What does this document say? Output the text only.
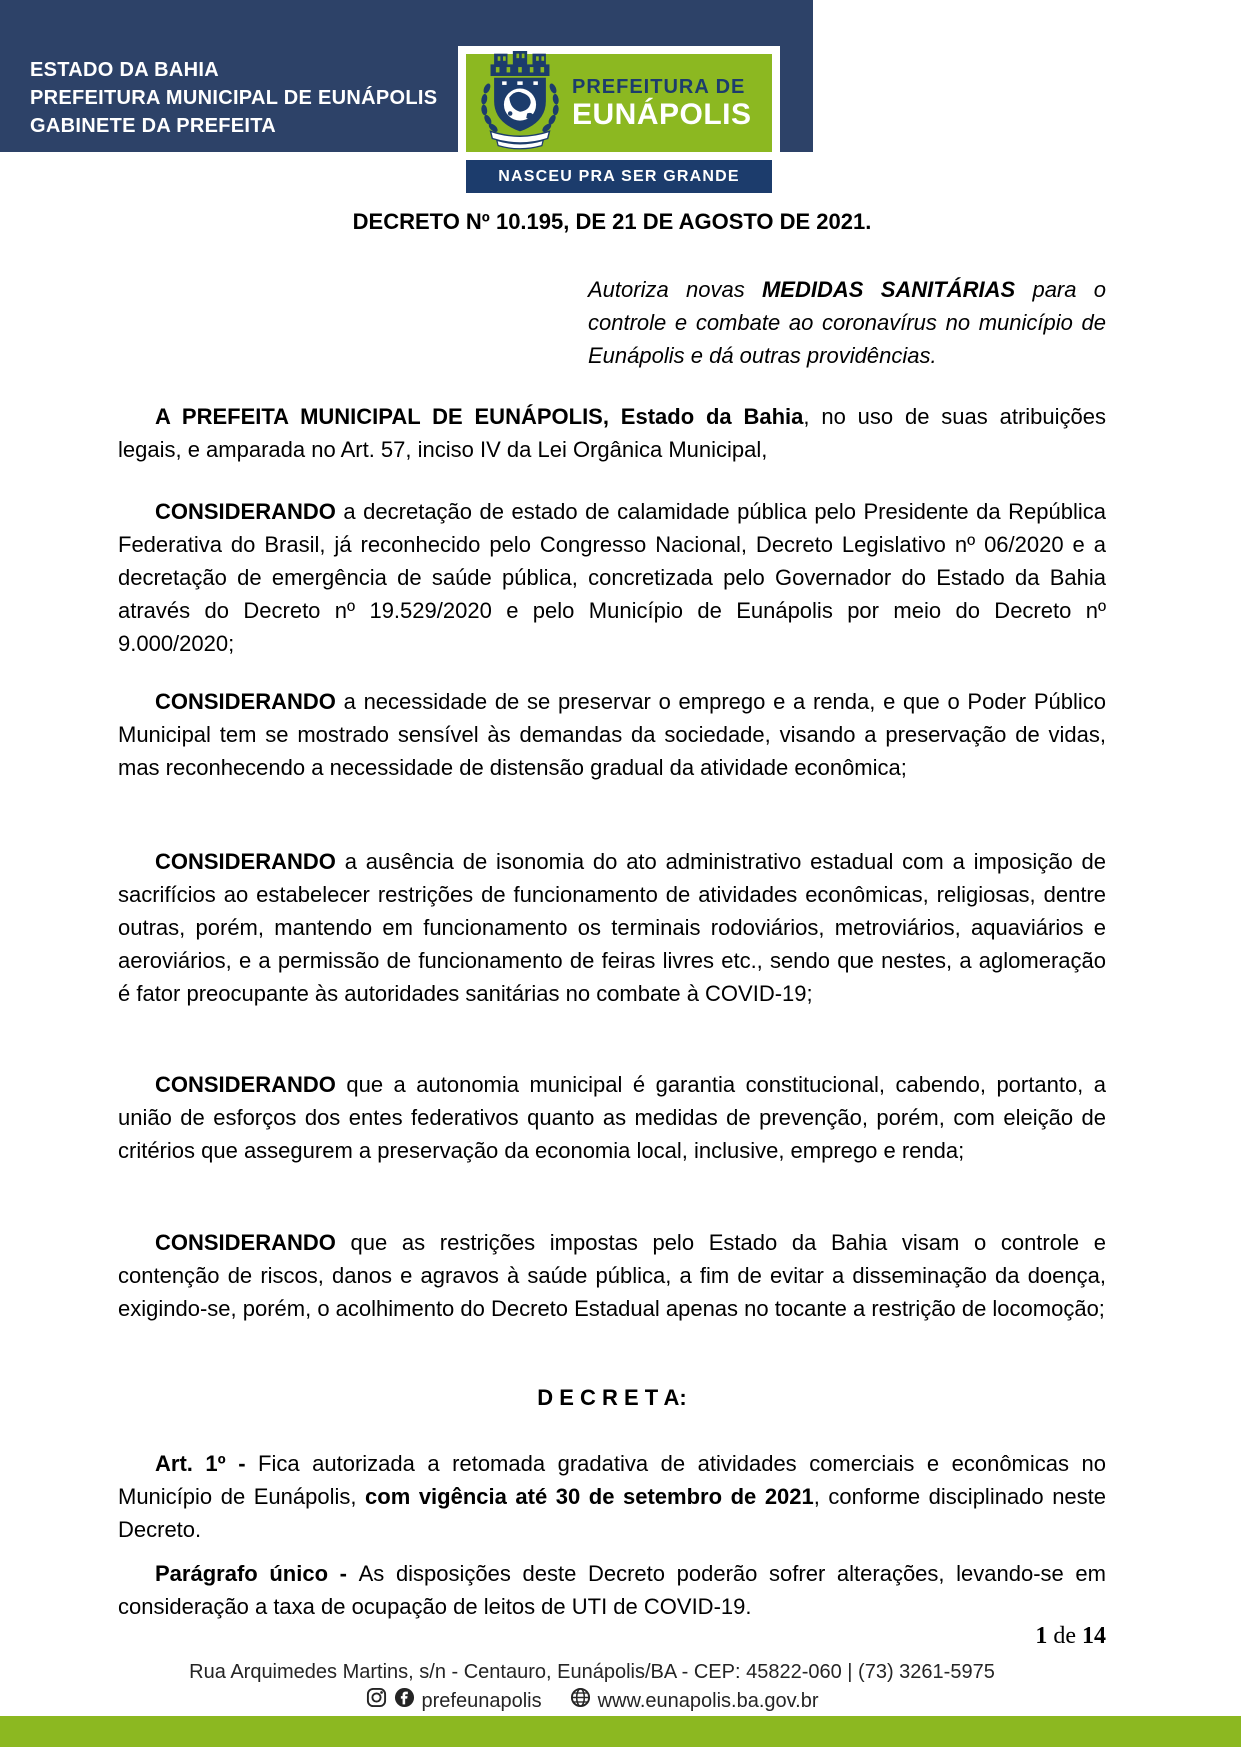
ESTADO DA BAHIA
PREFEITURA MUNICIPAL DE EUNÁPOLIS
GABINETE DA PREFEITA
PREFEITURA DE
EUNÁPOLIS
NASCEU PRA SER GRANDE
DECRETO Nº 10.195, DE 21 DE AGOSTO DE 2021.

Autoriza novas MEDIDAS SANITÁRIAS para o controle e combate ao coronavírus no município de Eunápolis e dá outras providências.

A PREFEITA MUNICIPAL DE EUNÁPOLIS, Estado da Bahia, no uso de suas atribuições legais, e amparada no Art. 57, inciso IV da Lei Orgânica Municipal,

CONSIDERANDO a decretação de estado de calamidade pública pelo Presidente da República Federativa do Brasil, já reconhecido pelo Congresso Nacional, Decreto Legislativo nº 06/2020 e a decretação de emergência de saúde pública, concretizada pelo Governador do Estado da Bahia através do Decreto nº 19.529/2020 e pelo Município de Eunápolis por meio do Decreto nº 9.000/2020;

CONSIDERANDO a necessidade de se preservar o emprego e a renda, e que o Poder Público Municipal tem se mostrado sensível às demandas da sociedade, visando a preservação de vidas, mas reconhecendo a necessidade de distensão gradual da atividade econômica;

CONSIDERANDO a ausência de isonomia do ato administrativo estadual com a imposição de sacrifícios ao estabelecer restrições de funcionamento de atividades econômicas, religiosas, dentre outras, porém, mantendo em funcionamento os terminais rodoviários, metroviários, aquaviários e aeroviários, e a permissão de funcionamento de feiras livres etc., sendo que nestes, a aglomeração é fator preocupante às autoridades sanitárias no combate à COVID-19;

CONSIDERANDO que a autonomia municipal é garantia constitucional, cabendo, portanto, a união de esforços dos entes federativos quanto as medidas de prevenção, porém, com eleição de critérios que assegurem a preservação da economia local, inclusive, emprego e renda;

CONSIDERANDO que as restrições impostas pelo Estado da Bahia visam o controle e contenção de riscos, danos e agravos à saúde pública, a fim de evitar a disseminação da doença, exigindo-se, porém, o acolhimento do Decreto Estadual apenas no tocante a restrição de locomoção;

D E C R E T A:

Art. 1º - Fica autorizada a retomada gradativa de atividades comerciais e econômicas no Município de Eunápolis, com vigência até 30 de setembro de 2021, conforme disciplinado neste Decreto.

Parágrafo único - As disposições deste Decreto poderão sofrer alterações, levando-se em consideração a taxa de ocupação de leitos de UTI de COVID-19.

1 de 14
Rua Arquimedes Martins, s/n - Centauro, Eunápolis/BA - CEP: 45822-060 | (73) 3261-5975
prefeunapolis	www.eunapolis.ba.gov.br
